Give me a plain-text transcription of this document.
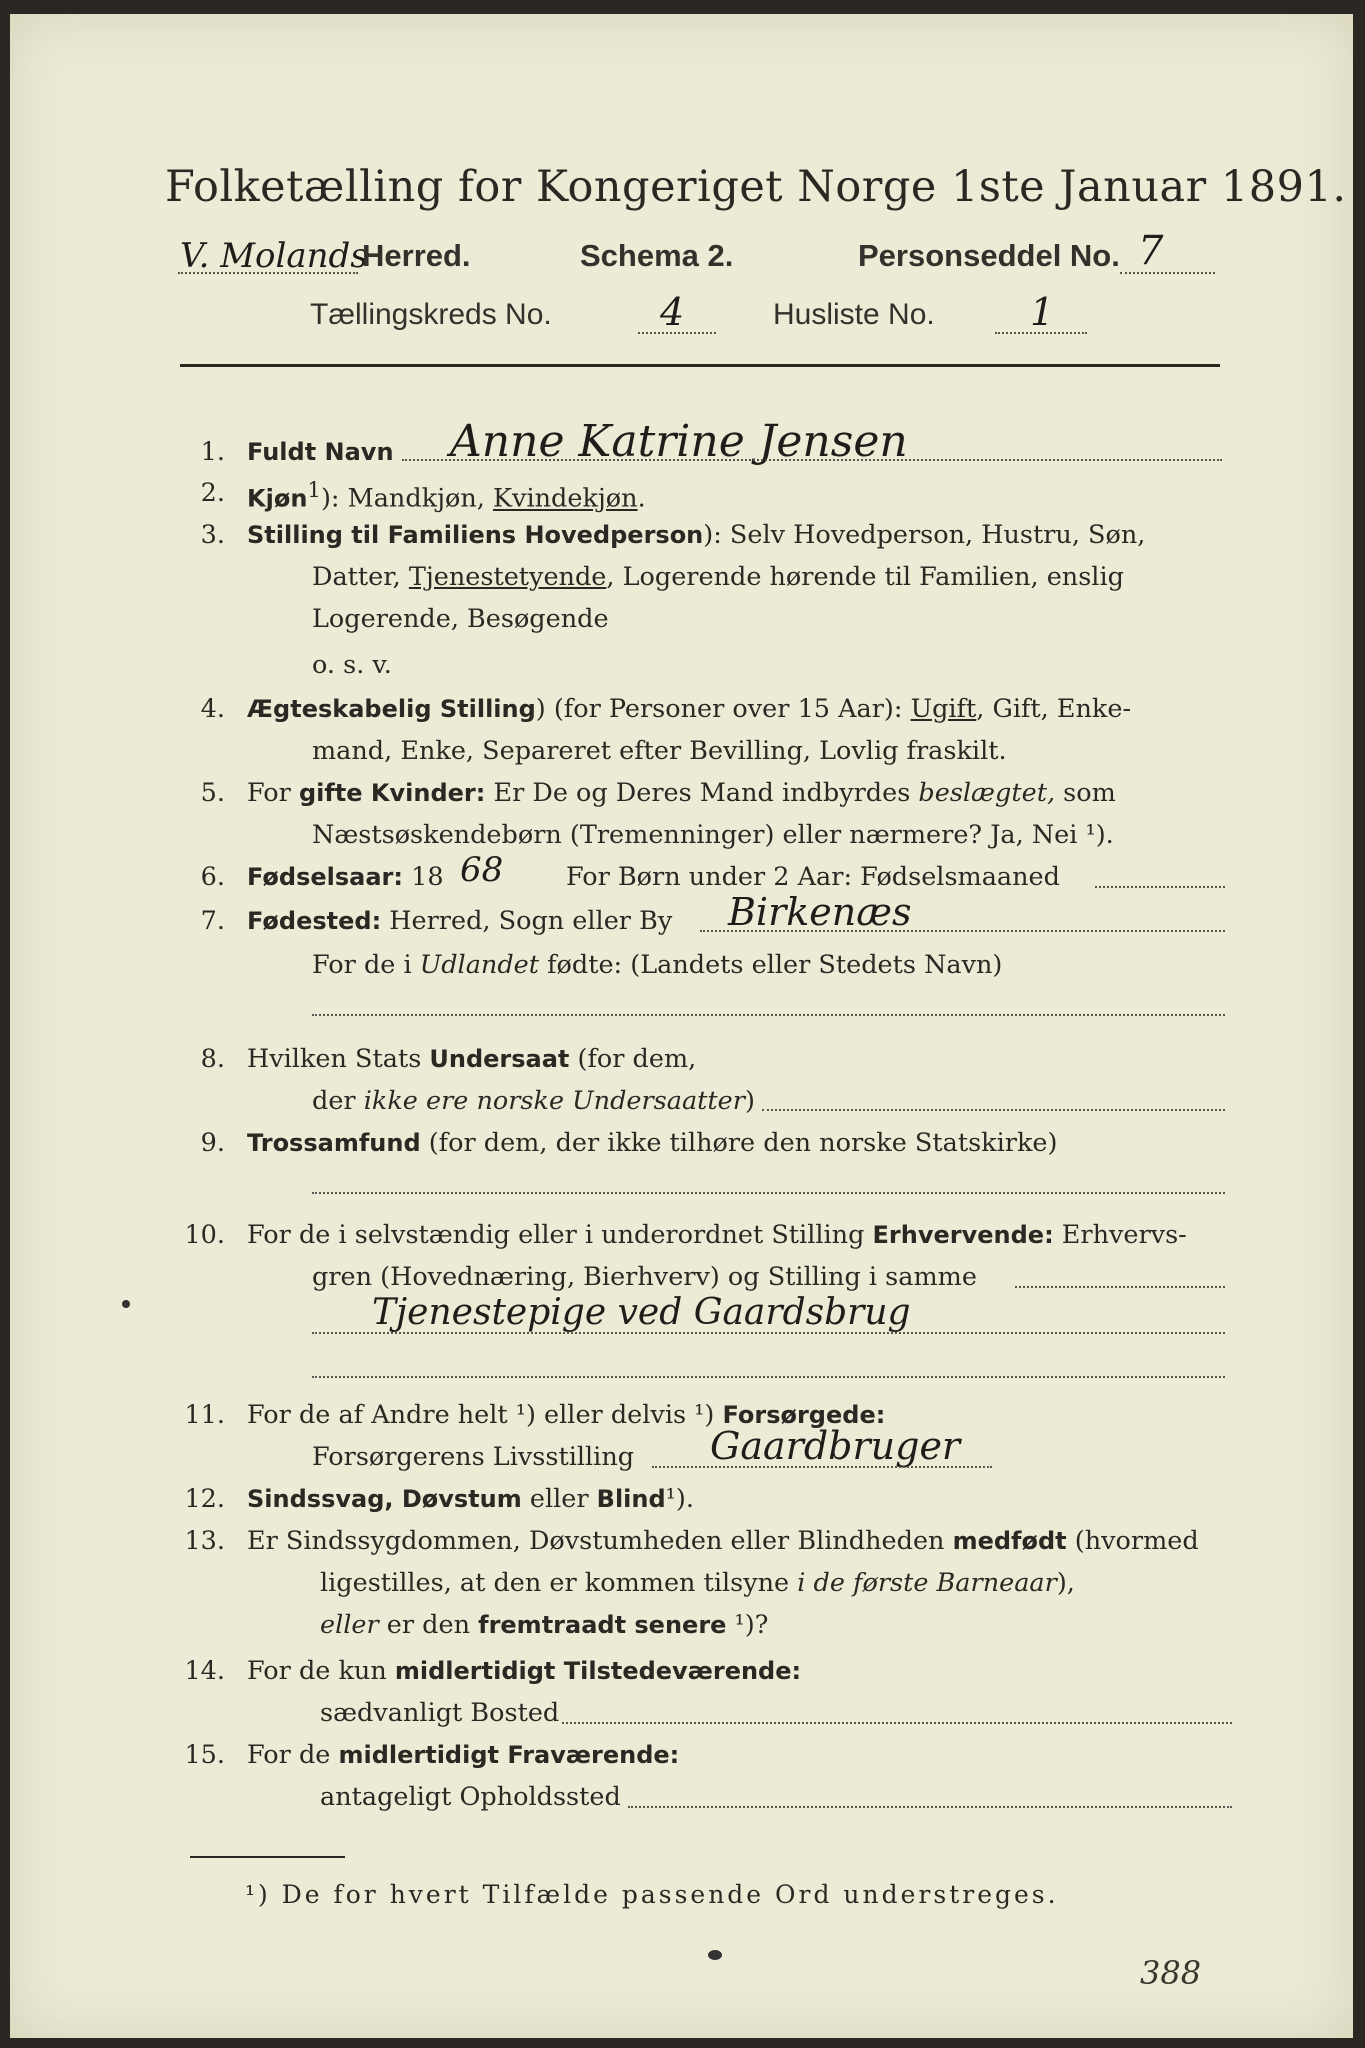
Folketælling for Kongeriget Norge 1ste Januar 1891.
V. Molands
Herred.	Schema 2.	Personseddel No. 7
Tællingskreds No.	4	Husliste No.	1
1. Fuldt Navn Anne Katrine Jensen
2. Kjøn$^1$): Mandkjøn, Kvindekjøn.
3. Stilling til Familiens Hovedperson): Selv Hovedperson, Hustru, Søn,
Datter, Tjenestetyende, Logerende hørende til Familien, enslig
Logerende, Besøgende
o. s. v.
4. Ægteskabelig Stilling) (for Personer over 15 Aar): Ugift, Gift, Enke-
mand, Enke, Separeret efter Bevilling, Lovlig fraskilt.
5. For gifte Kvinder: Er De og Deres Mand indbyrdes beslægtet, som
Næstsøskendebørn (Tremenninger) eller nærmere? Ja, Nei ¹).
6. Fødselsaar: 18 68 For Børn under 2 Aar: Fødselsmaaned
7. Fødested: Herred, Sogn eller By Birkenæs
For de i Udlandet fødte: (Landets eller Stedets Navn)
8. Hvilken Stats Undersaat (for dem,
der ikke ere norske Undersaatter)
9. Trossamfund (for dem, der ikke tilhøre den norske Statskirke)
10. For de i selvstændig eller i underordnet Stilling Erhvervende: Erhvervs-
gren (Hovednæring, Bierhverv) og Stilling i samme
Tjenestepige ved Gaardsbrug
11. For de af Andre helt ¹) eller delvis ¹) Forsørgede:
Forsørgerens Livsstilling Gaardbruger
12. Sindssvag, Døvstum eller Blind¹).
13. Er Sindssygdommen, Døvstumheden eller Blindheden medfødt (hvormed
ligestilles, at den er kommen tilsyne i de første Barneaar),
eller er den fremtraadt senere ¹)?
14. For de kun midlertidigt Tilstedeværende:
sædvanligt Bosted
15. For de midlertidigt Fraværende:
antageligt Opholdssted
¹) De for hvert Tilfælde passende Ord understreges.
388
